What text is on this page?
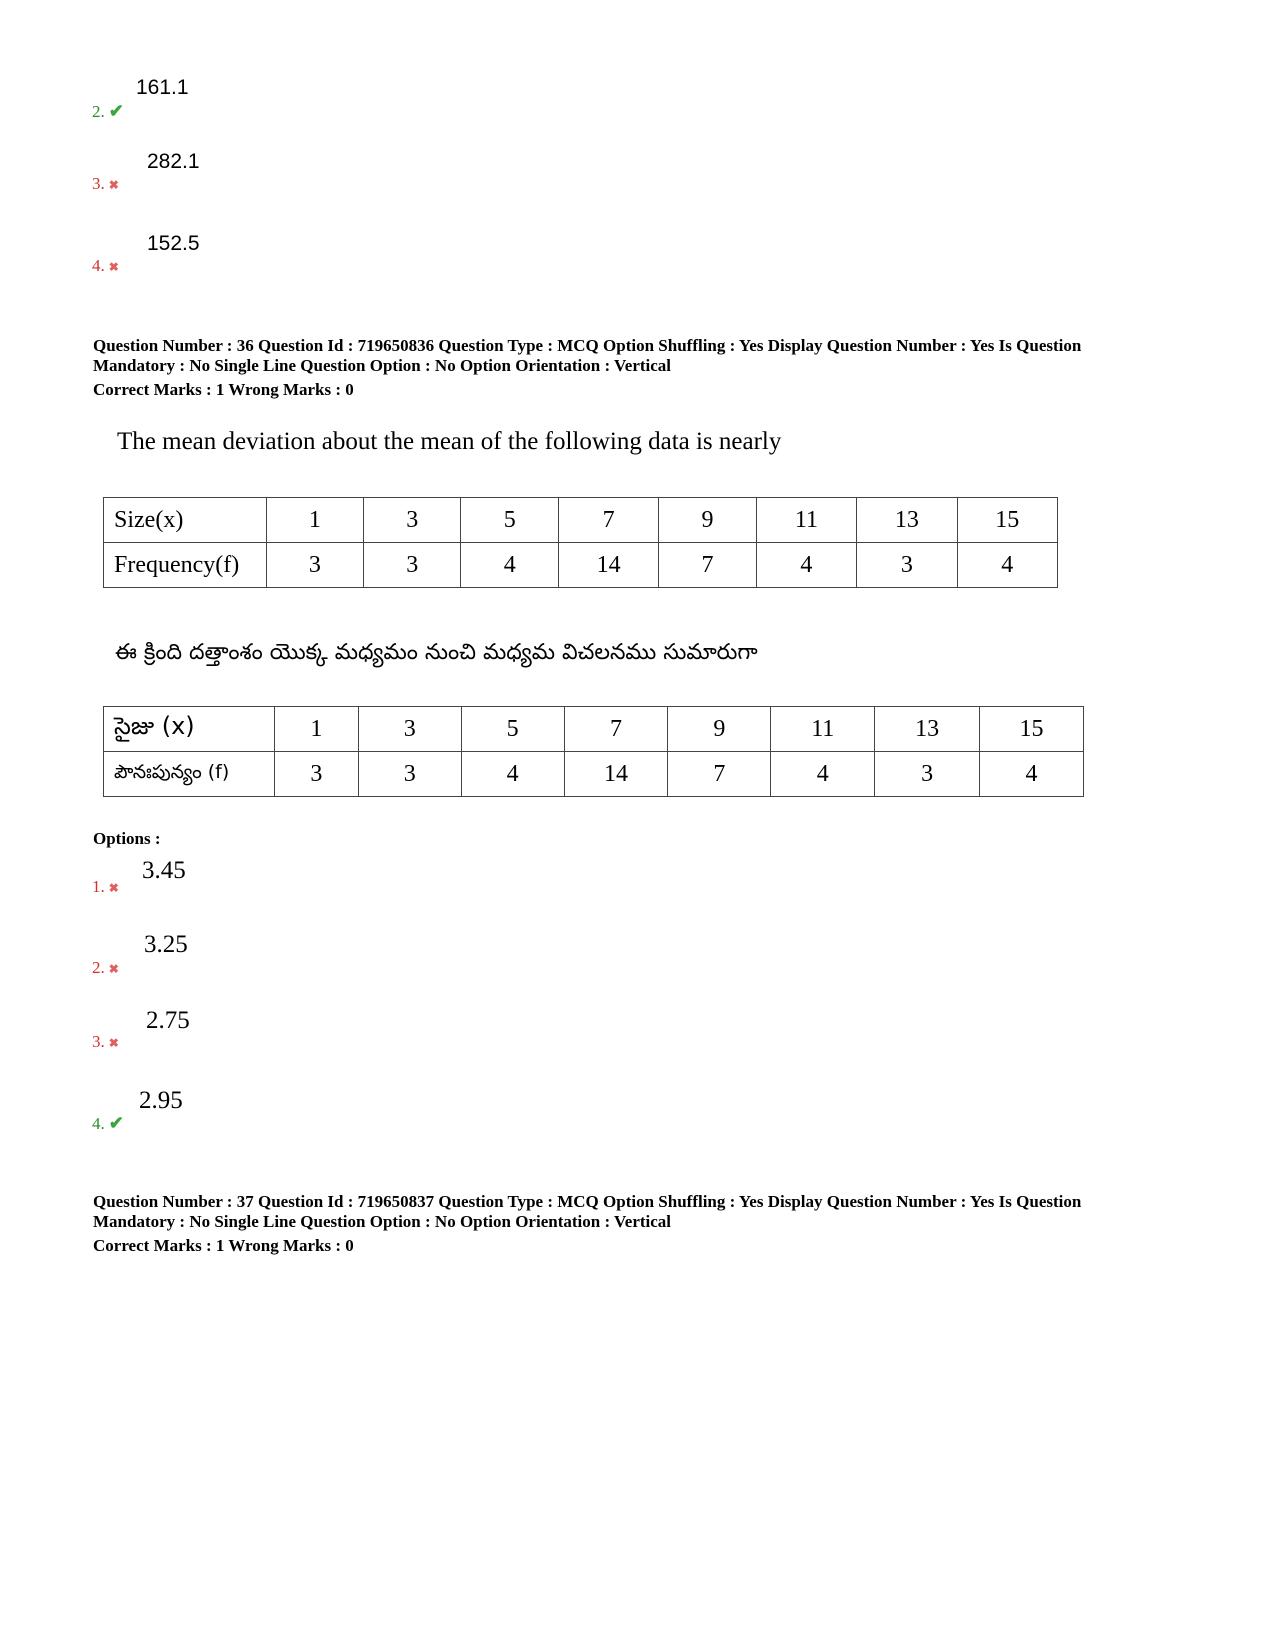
161.1
2. ✔
282.1
3. ✖
152.5
4. ✖
Question Number : 36 Question Id : 719650836 Question Type : MCQ Option Shuffling : Yes Display Question Number : Yes Is Question
Mandatory : No Single Line Question Option : No Option Orientation : Vertical
Correct Marks : 1 Wrong Marks : 0
The mean deviation about the mean of the following data is nearly
Size(x)	1	3	5	7	9	11	13	15
Frequency(f)	3	3	4	14	7	4	3	4
ఈ క్రింది దత్తాంశం యొక్క మధ్యమం నుంచి మధ్యమ విచలనము సుమారుగా
సైజు (x)	1	3	5	7	9	11	13	15
పౌనఃపున్యం (f)	3	3	4	14	7	4	3	4
Options :
3.45
1. ✖
3.25
2. ✖
2.75
3. ✖
2.95
4. ✔
Question Number : 37 Question Id : 719650837 Question Type : MCQ Option Shuffling : Yes Display Question Number : Yes Is Question
Mandatory : No Single Line Question Option : No Option Orientation : Vertical
Correct Marks : 1 Wrong Marks : 0
